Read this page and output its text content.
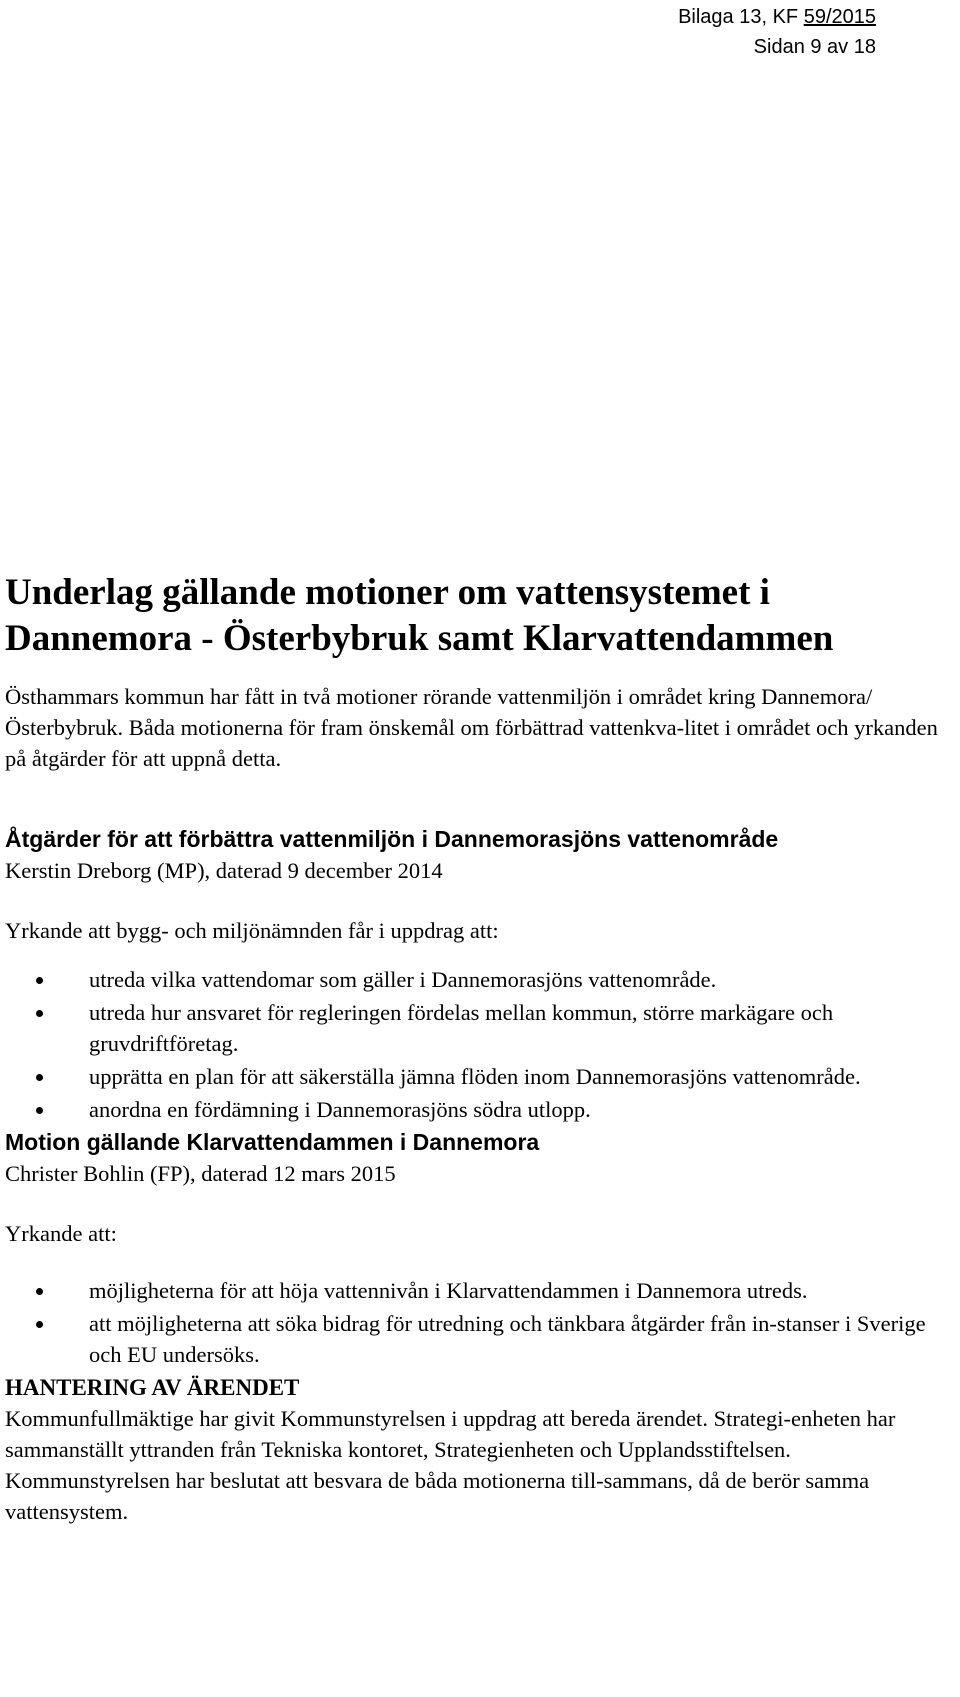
Bilaga 13, KF 59/2015
Sidan 9 av 18
Underlag gällande motioner om vattensystemet i Dannemora - Österbybruk samt Klarvattendammen

Östhammars kommun har fått in två motioner rörande vattenmiljön i området kring Dannemora/Österbybruk. Båda motionerna för fram önskemål om förbättrad vattenkva-litet i området och yrkanden på åtgärder för att uppnå detta.

Åtgärder för att förbättra vattenmiljön i Dannemorasjöns vattenområde

Kerstin Dreborg (MP), daterad 9 december 2014

Yrkande att bygg- och miljönämnden får i uppdrag att:

utreda vilka vattendomar som gäller i Dannemorasjöns vattenområde.
utreda hur ansvaret för regleringen fördelas mellan kommun, större markägare och gruvdriftföretag.
upprätta en plan för att säkerställa jämna flöden inom Dannemorasjöns vattenområde.
anordna en fördämning i Dannemorasjöns södra utlopp.

Motion gällande Klarvattendammen i Dannemora

Christer Bohlin (FP), daterad 12 mars 2015

Yrkande att:

möjligheterna för att höja vattennivån i Klarvattendammen i Dannemora utreds.
att möjligheterna att söka bidrag för utredning och tänkbara åtgärder från in-stanser i Sverige och EU undersöks.

HANTERING AV ÄRENDET

Kommunfullmäktige har givit Kommunstyrelsen i uppdrag att bereda ärendet. Strategi-enheten har sammanställt yttranden från Tekniska kontoret, Strategienheten och Upplandsstiftelsen. Kommunstyrelsen har beslutat att besvara de båda motionerna till-sammans, då de berör samma vattensystem.
